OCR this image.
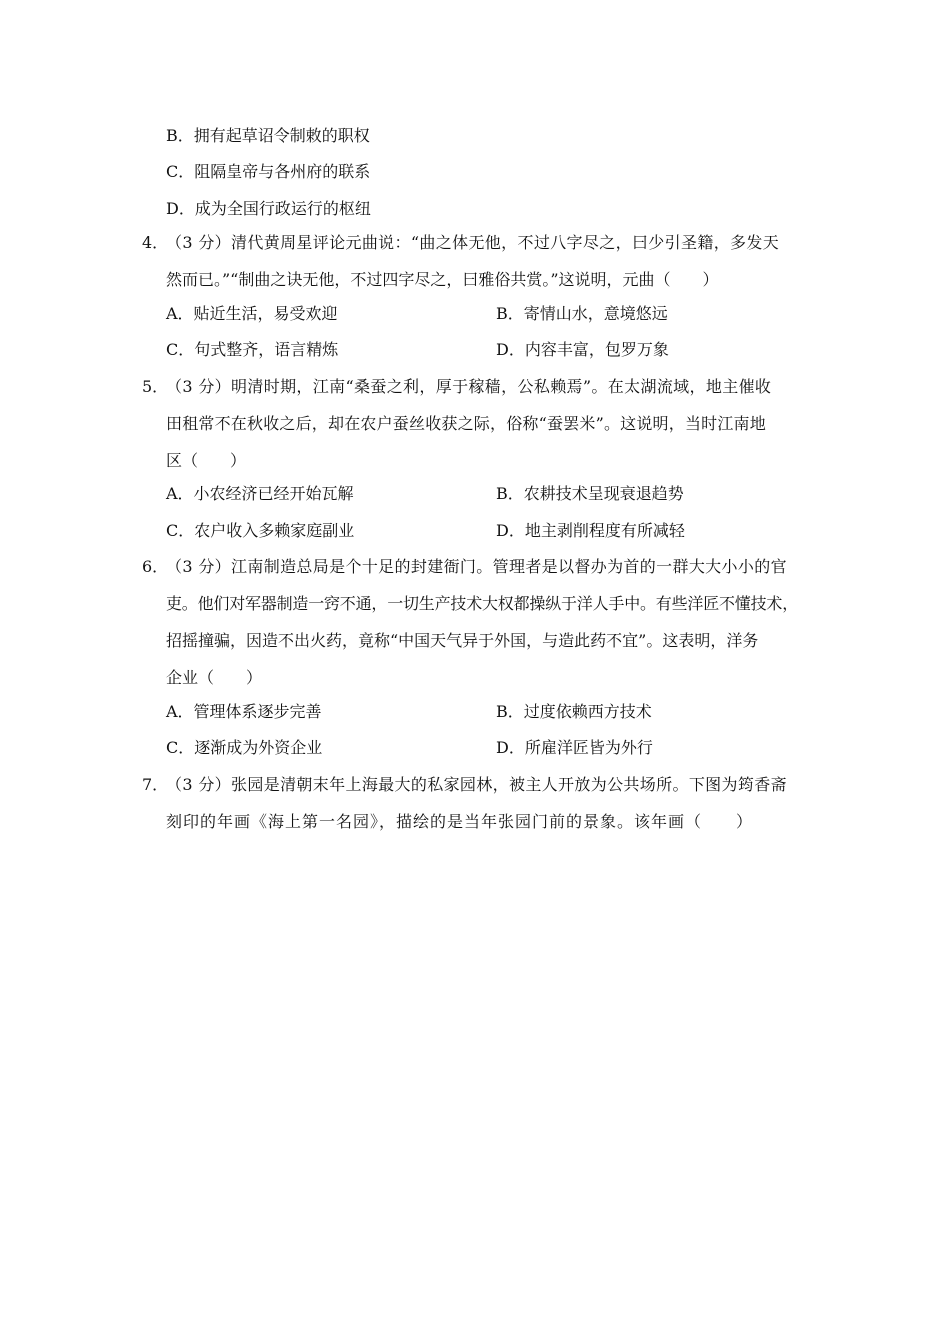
B．拥有起草诏令制敕的职权
C．阻隔皇帝与各州府的联系
D．成为全国行政运行的枢纽
4．
（3 分）清代黄周星评论元曲说：“曲之体无他，不过八字尽之，曰少引圣籍，多发天
然而已。”“制曲之诀无他，不过四字尽之，曰雅俗共赏。”这说明，元曲（　　）
A．贴近生活，易受欢迎	B．寄情山水，意境悠远
C．句式整齐，语言精炼	D．内容丰富，包罗万象
5．
（3 分）明清时期，江南“桑蚕之利，厚于稼穑，公私赖焉”。在太湖流域，地主催收
田租常不在秋收之后，却在农户蚕丝收获之际，俗称“蚕罢米”。这说明，当时江南地
区（　　）
A．小农经济已经开始瓦解	B．农耕技术呈现衰退趋势
C．农户收入多赖家庭副业	D．地主剥削程度有所减轻
6．
（3 分）江南制造总局是个十足的封建衙门。管理者是以督办为首的一群大大小小的官
吏。他们对军器制造一窍不通，一切生产技术大权都操纵于洋人手中。有些洋匠不懂技术，
招摇撞骗，因造不出火药，竟称“中国天气异于外国，与造此药不宜”。这表明，洋务
企业（　　）
A．管理体系逐步完善	B．过度依赖西方技术
C．逐渐成为外资企业	D．所雇洋匠皆为外行
7．
（3 分）张园是清朝末年上海最大的私家园林，被主人开放为公共场所。下图为筠香斋
刻印的年画《海上第一名园》，描绘的是当年张园门前的景象。该年画（　　）
